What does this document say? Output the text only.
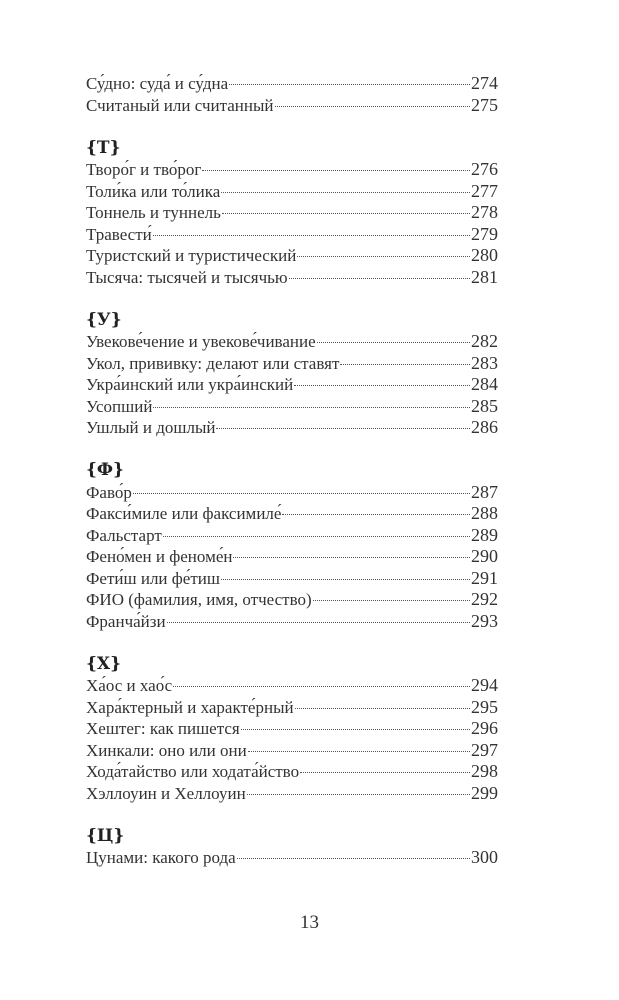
Су́дно: суда́ и су́дна	274
Считаный или считанный	275
{Т}
Творо́г и тво́рог	276
Толи́ка или то́лика	277
Тоннель и туннель	278
Травести́	279
Туристский и туристический	280
Тысяча: тысячей и тысячью	281
{У}
Увекове́чение и увекове́чивание	282
Укол, прививку: делают или ставят	283
Укра́инский или укра́инский	284
Усопший	285
Ушлый и дошлый	286
{Ф}
Фаво́р	287
Факси́миле или факсимиле́	288
Фальстарт	289
Фено́мен и феноме́н	290
Фети́ш или фе́тиш	291
ФИО (фамилия, имя, отчество)	292
Франча́йзи	293
{Х}
Ха́ос и хао́с	294
Хара́ктерный и характе́рный	295
Хештег: как пишется	296
Хинкали: оно или они	297
Хода́тайство или ходата́йство	298
Хэллоуин и Хеллоуин	299
{Ц}
Цунами: какого рода	300
13
